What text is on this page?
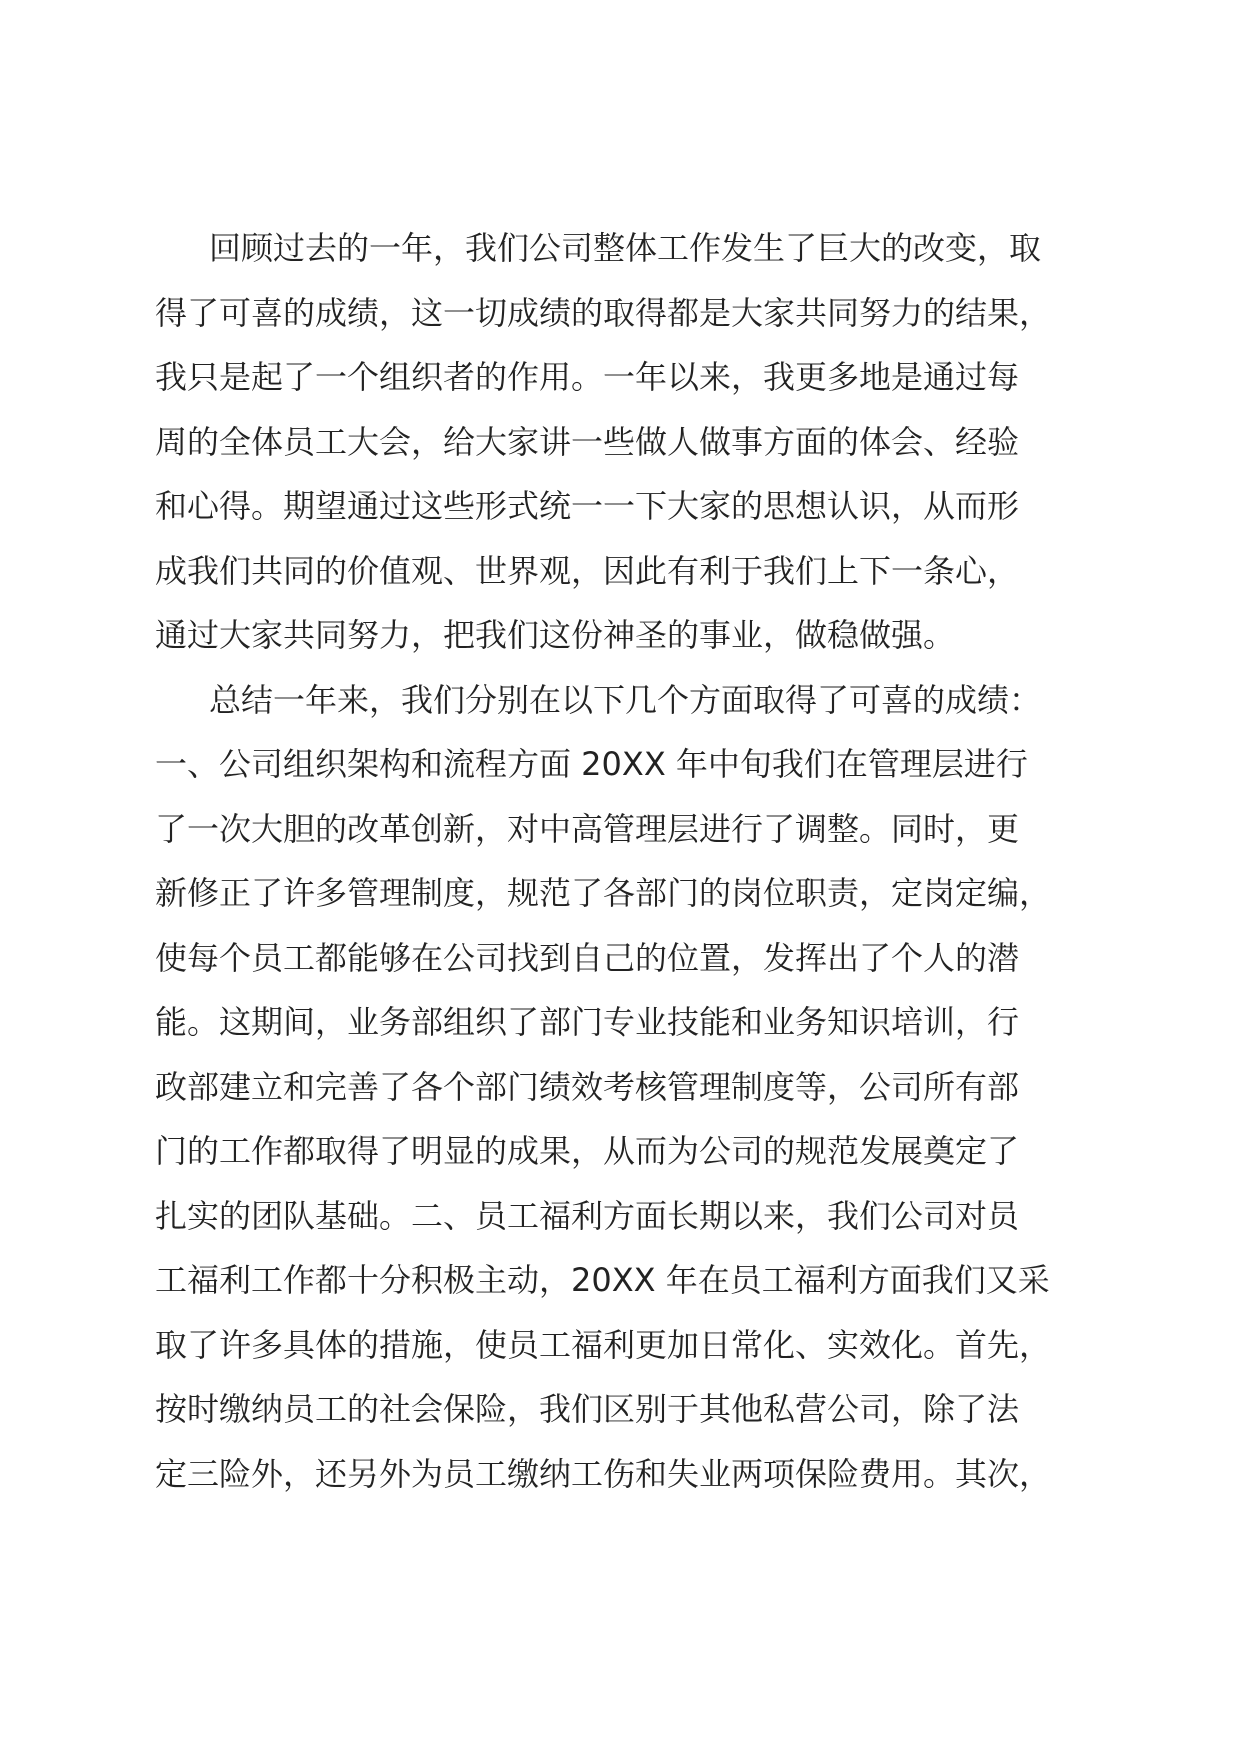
回顾过去的一年，我们公司整体工作发生了巨大的改变，取
得了可喜的成绩，这一切成绩的取得都是大家共同努力的结果，
我只是起了一个组织者的作用。一年以来，我更多地是通过每
周的全体员工大会，给大家讲一些做人做事方面的体会、经验
和心得。期望通过这些形式统一一下大家的思想认识，从而形
成我们共同的价值观、世界观，因此有利于我们上下一条心，
通过大家共同努力，把我们这份神圣的事业，做稳做强。
总结一年来，我们分别在以下几个方面取得了可喜的成绩：
一、公司组织架构和流程方面 20XX 年中旬我们在管理层进行
了一次大胆的改革创新，对中高管理层进行了调整。同时，更
新修正了许多管理制度，规范了各部门的岗位职责，定岗定编，
使每个员工都能够在公司找到自己的位置，发挥出了个人的潜
能。这期间，业务部组织了部门专业技能和业务知识培训，行
政部建立和完善了各个部门绩效考核管理制度等，公司所有部
门的工作都取得了明显的成果，从而为公司的规范发展奠定了
扎实的团队基础。二、员工福利方面长期以来，我们公司对员
工福利工作都十分积极主动，20XX 年在员工福利方面我们又采
取了许多具体的措施，使员工福利更加日常化、实效化。首先，
按时缴纳员工的社会保险，我们区别于其他私营公司，除了法
定三险外，还另外为员工缴纳工伤和失业两项保险费用。其次，
